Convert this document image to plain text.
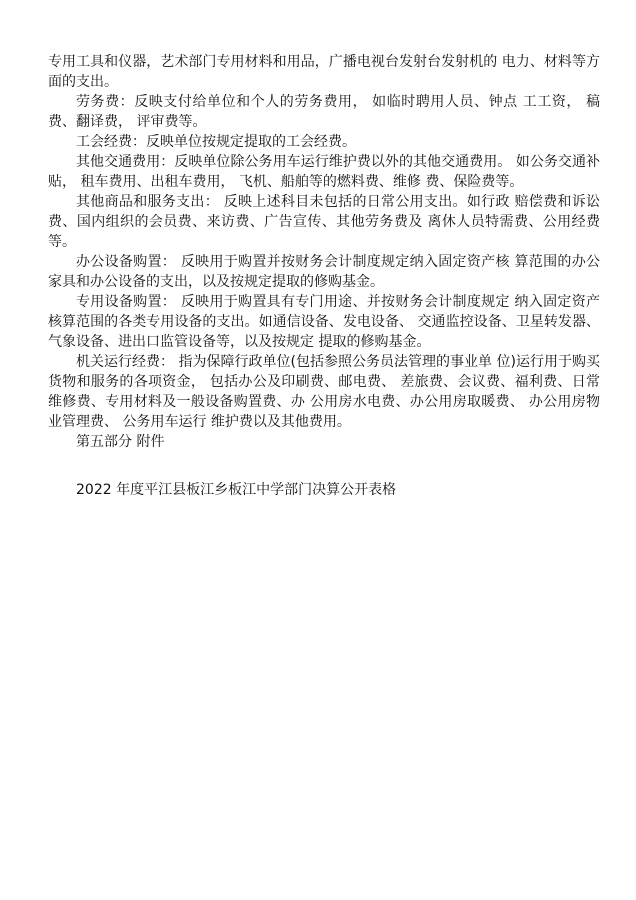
专用工具和仪器，艺术部门专用材料和用品，广播电视台发射台发射机的 电力、材料等方面的支出。

劳务费：反映支付给单位和个人的劳务费用， 如临时聘用人员、钟点 工工资， 稿费、翻译费， 评审费等。

工会经费：反映单位按规定提取的工会经费。

其他交通费用：反映单位除公务用车运行维护费以外的其他交通费用。 如公务交通补贴， 租车费用、出租车费用， 飞机、船舶等的燃料费、维修 费、保险费等。

其他商品和服务支出： 反映上述科目未包括的日常公用支出。如行政 赔偿费和诉讼费、国内组织的会员费、来访费、广告宣传、其他劳务费及 离休人员特需费、公用经费等。

办公设备购置： 反映用于购置并按财务会计制度规定纳入固定资产核 算范围的办公家具和办公设备的支出，以及按规定提取的修购基金。

专用设备购置： 反映用于购置具有专门用途、并按财务会计制度规定 纳入固定资产核算范围的各类专用设备的支出。如通信设备、发电设备、 交通监控设备、卫星转发器、气象设备、进出口监管设备等，以及按规定 提取的修购基金。

机关运行经费： 指为保障行政单位(包括参照公务员法管理的事业单 位)运行用于购买货物和服务的各项资金， 包括办公及印刷费、邮电费、 差旅费、会议费、福利费、日常维修费、专用材料及一般设备购置费、办 公用房水电费、办公用房取暖费、 办公用房物业管理费、 公务用车运行 维护费以及其他费用。

第五部分 附件

2022 年度平江县板江乡板江中学部门决算公开表格
